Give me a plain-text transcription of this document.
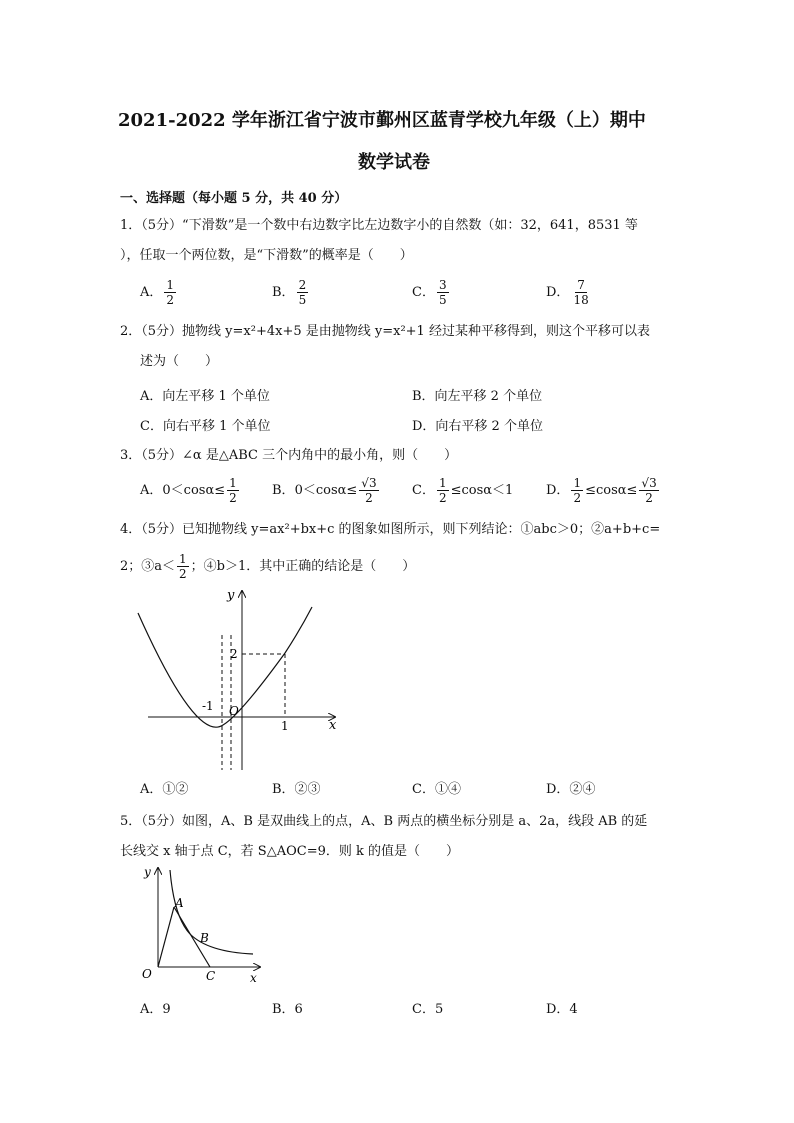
2021-2022 学年浙江省宁波市鄞州区蓝青学校九年级（上）期中
数学试卷
一、选择题（每小题 5 分，共 40 分）
1．（5分）“下滑数”是一个数中右边数字比左边数字小的自然数（如：32，641，8531 等
），任取一个两位数，是“下滑数”的概率是（　　）
A． $\frac{1}{2}$	B． $\frac{2}{5}$	C． $\frac{3}{5}$	D． $\frac{7}{18}$
2．（5分）抛物线 y=x²+4x+5 是由抛物线 y=x²+1 经过某种平移得到，则这个平移可以表
述为（　　）
A．向左平移 1 个单位	B．向左平移 2 个单位
C．向右平移 1 个单位	D．向右平移 2 个单位
3．（5分）∠α 是△ABC 三个内角中的最小角，则（　　）
A．$0<\cos\alpha\le \frac{1}{2}$	B．$0<\cos\alpha\le \frac{√3}{2}$	C． $\frac{1}{2} \le\cos\alpha<1$	D． $\frac{1}{2} \le\cos\alpha\le \frac{√3}{2}$
4．（5分）已知抛物线 y=ax²+bx+c 的图象如图所示，则下列结论：①abc＞0；②a+b+c=
2；③a＜ $\frac{1}{2}$ ；④b＞1．其中正确的结论是（　　）
y
x
O
-1
1
2
A．①②	B．②③	C．①④	D．②④
5．（5分）如图，A、B 是双曲线上的点，A、B 两点的横坐标分别是 a、2a，线段 AB 的延
长线交 x 轴于点 C，若 S△AOC=9．则 k 的值是（　　）
y
x
O
A
B
C
A．9	B．6	C．5	D．4
